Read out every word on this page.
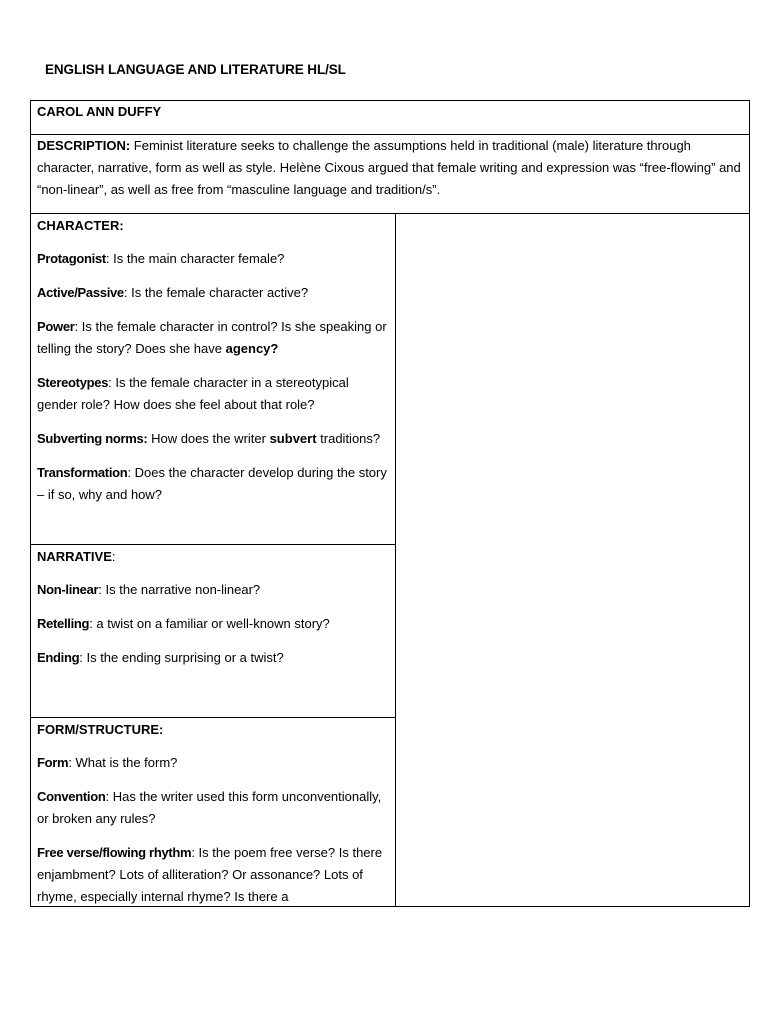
ENGLISH LANGUAGE AND LITERATURE HL/SL
CAROL ANN DUFFY
DESCRIPTION: Feminist literature seeks to challenge the assumptions held in traditional (male) literature through character, narrative, form as well as style. Helène Cixous argued that female writing and expression was “free-flowing” and “non-linear”, as well as free from “masculine language and tradition/s”.

CHARACTER:

Protagonist: Is the main character female?

Active/Passive: Is the female character active?

Power: Is the female character in control? Is she speaking or telling the story? Does she have agency?

Stereotypes: Is the female character in a stereotypical gender role? How does she feel about that role?

Subverting norms: How does the writer subvert traditions?

Transformation: Does the character develop during the story – if so, why and how?

NARRATIVE:

Non-linear: Is the narrative non-linear?

Retelling: a twist on a familiar or well-known story?

Ending: Is the ending surprising or a twist?

FORM/STRUCTURE:

Form: What is the form?

Convention: Has the writer used this form unconventionally, or broken any rules?

Free verse/flowing rhythm: Is the poem free verse? Is there enjambment? Lots of alliteration? Or assonance? Lots of rhyme, especially internal rhyme? Is there a
